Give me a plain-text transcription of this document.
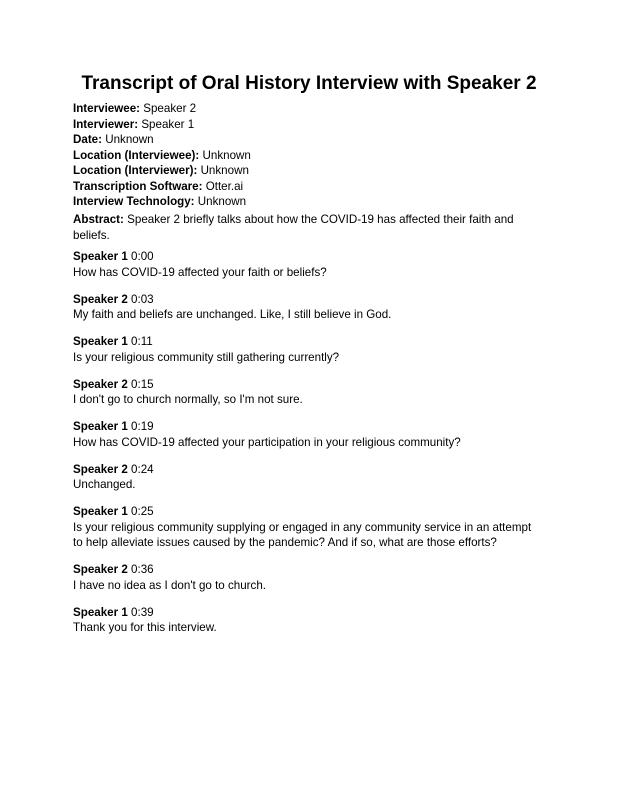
Transcript of Oral History Interview with Speaker 2
Interviewee: Speaker 2
Interviewer: Speaker 1
Date: Unknown
Location (Interviewee): Unknown
Location (Interviewer): Unknown
Transcription Software: Otter.ai
Interview Technology: Unknown
Abstract: Speaker 2 briefly talks about how the COVID-19 has affected their faith and beliefs.
Speaker 1 0:00
How has COVID-19 affected your faith or beliefs?
Speaker 2 0:03
My faith and beliefs are unchanged. Like, I still believe in God.
Speaker 1 0:11
Is your religious community still gathering currently?
Speaker 2 0:15
I don't go to church normally, so I'm not sure.
Speaker 1 0:19
How has COVID-19 affected your participation in your religious community?
Speaker 2 0:24
Unchanged.
Speaker 1 0:25
Is your religious community supplying or engaged in any community service in an attempt to help alleviate issues caused by the pandemic? And if so, what are those efforts?
Speaker 2 0:36
I have no idea as I don't go to church.
Speaker 1 0:39
Thank you for this interview.
